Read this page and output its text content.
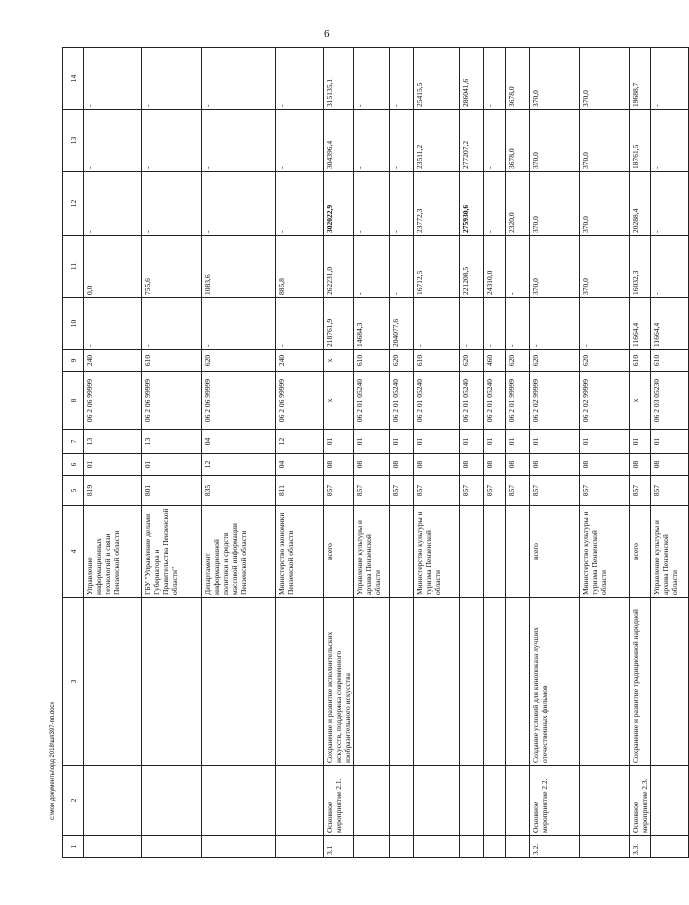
6
1	2	3	4	5	6	7	8	9	10	11	12	13	14
			Управление информационных технологий и связи Пензенской области	819	01	13	06 2 06 99999	240	-	0,0	-	-	-
			ГБУ "Управление делами Губернатора и Правительства Пензенской области"	801	01	13	06 2 06 99999	610	-	755,6	-	-	-
			Департамент информационной политики и средств массовой информации Пензенской области	835	12	04	06 2 06 99999	620	-	1083,6	-	-	-
			Министерство экономики Пензенской области	811	04	12	06 2 06 99999	240	-	885,8	-	-	-
3.1	Основное мероприятие 2.1.	Сохранение и развитие исполнительских искусств, поддержка современного изобразительного искусства	всего	857	08	01	х	х	218761,9	262231,0	302022,9	304396,4	315135,1
			Управление культуры и архива Пензенской области	857	08	01	06 2 01 05240	610	14684,3	-	-	-	-
				857	08	01	06 2 01 05240	620	204077,6	-	-	-	-
			Министерство культуры и туризма Пензенской области	857	08	01	06 2 01 05240	610	-	16712,5	23772,3	23511,2	25415,5
				857	08	01	06 2 01 05240	620	-	221208,5	275930,6	277207,2	286041,6
				857	08	01	06 2 01 05240	460	-	24310,0	-	-	-
				857	08	01	06 2 01 99999	620	-	-	2320,0	3678,0	3678,0
3.2.	Основное мероприятие 2.2.	Создание условий для кинопоказа лучших отечественных фильмов	всего	857	08	01	06 2 02 99999	620	-	370,0	370,0	370,0	370,0
			Министерство культуры и туризма Пензенской области	857	08	01	06 2 02 99999	620	-	370,0	370,0	370,0	370,0
3.3.	Основное мероприятие 2.3.	Сохранение и развитие традиционной народной	всего	857	08	01	х	610	11664,4	16032,3	20288,4	18761,5	19688,7
			Управление культуры и архива Пензенской области	857	08	01	06 2 03 05230	610	11664,4	-	-	-	-
c:\мои документы\орд 2018\шп397-пп.docx
